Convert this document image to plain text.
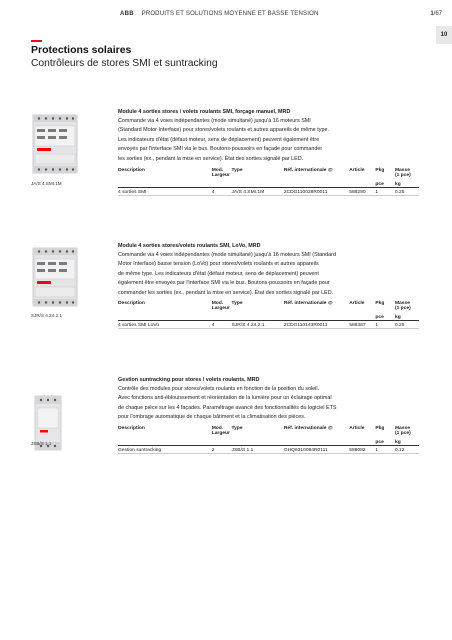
ABB PRODUITS ET SOLUTIONS MOYENNE ET BASSE TENSION	1/67
10
Protections solaires
Contrôleurs de stores SMI et suntracking
JA/S 4.SMI.1M
Module 4 sorties stores / volets roulants SMI, forçage manuel, MRD
Commande via 4 voies indépendantes (mode simultané) jusqu'à 16 moteurs SMI
(Standard Motor Interface) pour stores/volets roulants et autres appareils de même type.
Les indicateurs d'état (défaut moteur, sens de déplacement) peuvent également être
envoyés par l'interface SMI via le bus. Boutons-poussoirs en façade pour commander
les sorties (ex., pendant la mise en service). État des sorties signalé par LED.
Description	Mod.
Largeur	Type	Réf. internationale @	Article	Pkg	Masse
(1 pce)
					pce	kg
4 sorties SMI	4	JA/S 4.SMI.1M	2CDG110028R0011	588290	1	0.25
SJR/S 4.24.2.1
Module 4 sorties stores/volets roulants SMI, LoVo, MRD
Commande via 4 voies indépendantes (mode simultané) jusqu'à 16 moteurs SMI (Standard
Motor Interface) basse tension (LoVo) pour stores/volets roulants et autres appareils
de même type. Les indicateurs d'état (défaut moteur, sens de déplacement) peuvent
également être envoyés par l'interface SMI via le bus. Boutons-poussoirs en façade pour
commander les sorties (ex., pendant la mise en service). État des sorties signalé par LED.
Description	Mod.
Largeur	Type	Réf. internationale @	Article	Pkg	Masse
(1 pce)
					pce	kg
4 sorties SMI LoVo	4	SJR/S 4.24.2.1	2CDG110143R0011	588387	1	0.25
JSB/S 1.1
Gestion suntracking pour stores / volets roulants, MRD
Contrôle des modules pour stores/volets roulants en fonction de la position du soleil.
Avec fonctions anti-éblouissement et réorientation de la lumière pour un éclairage optimal
de chaque pièce sur les 4 façades. Paramétrage avancé des fonctionnalités du logiciel ETS
pour l'ombrage automatique de chaque bâtiment et la climatisation des pièces.
Description	Mod.
Largeur	Type	Réf. internationale @	Article	Pkg	Masse
(1 pce)
					pce	kg
Gestion suntracking	2	JSB/S 1.1	GHQ6310084R0111	588082	1	0.12
